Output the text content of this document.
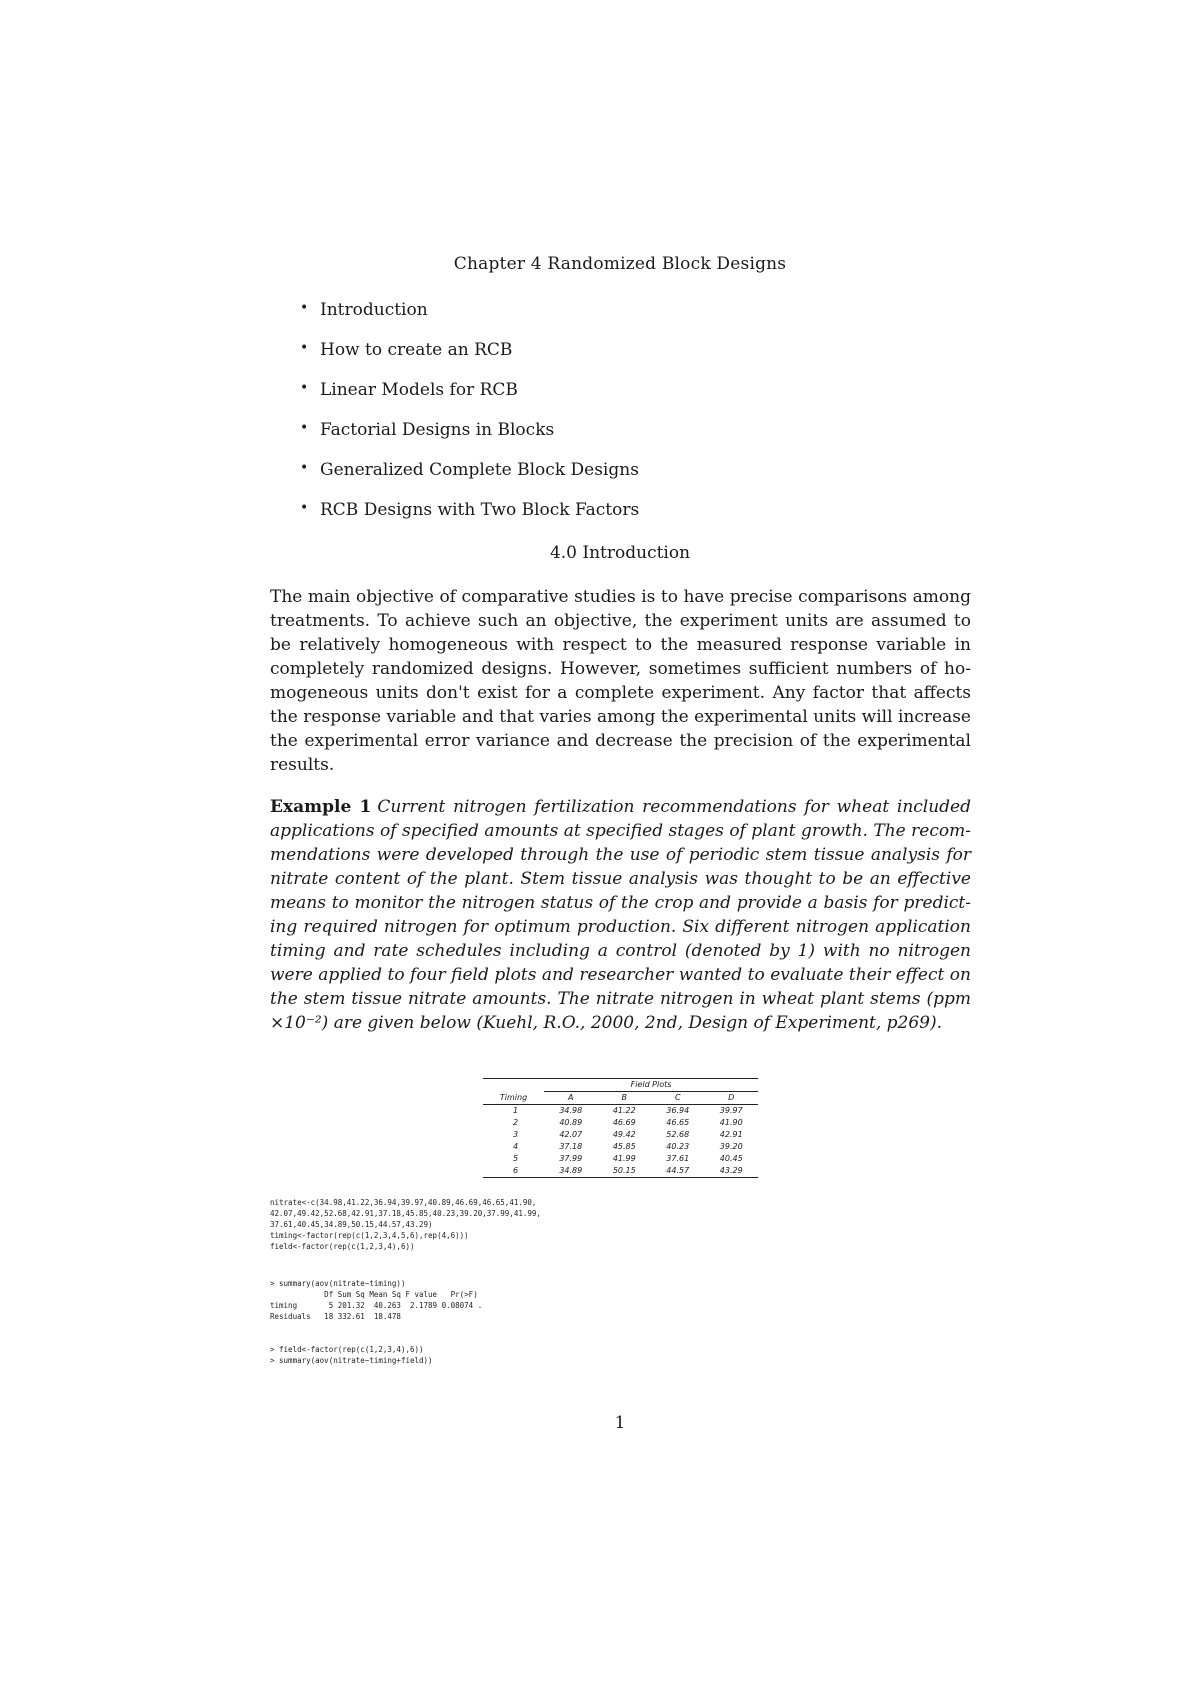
Chapter 4 Randomized Block Designs
• Introduction
• How to create an RCB
• Linear Models for RCB
• Factorial Designs in Blocks
• Generalized Complete Block Designs
• RCB Designs with Two Block Factors
4.0 Introduction

The main objective of comparative studies is to have precise comparisons among treatments. To achieve such an objective, the experiment units are assumed to be relatively homogeneous with respect to the measured response variable in completely randomized designs. However, sometimes sufficient numbers of homogeneous units don't exist for a complete experiment. Any factor that affects the response variable and that varies among the experimental units will increase the experimental error variance and decrease the precision of the experimental results.

Example 1 Current nitrogen fertilization recommendations for wheat included applications of specified amounts at specified stages of plant growth. The recommendations were developed through the use of periodic stem tissue analysis for nitrate content of the plant. Stem tissue analysis was thought to be an effective means to monitor the nitrogen status of the crop and provide a basis for predicting required nitrogen for optimum production. Six different nitrogen application timing and rate schedules including a control (denoted by 1) with no nitrogen were applied to four field plots and researcher wanted to evaluate their effect on the stem tissue nitrate amounts. The nitrate nitrogen in wheat plant stems (ppm ×10⁻²) are given below (Kuehl, R.O., 2000, 2nd, Design of Experiment, p269).

	Field Plots			
Timing	A	B	C	D
1	34.98	41.22	36.94	39.97
2	40.89	46.69	46.65	41.90
3	42.07	49.42	52.68	42.91
4	37.18	45.85	40.23	39.20
5	37.99	41.99	37.61	40.45
6	34.89	50.15	44.57	43.29
nitrate<-c(34.98,41.22,36.94,39.97,40.89,46.69,46.65,41.90,
42.07,49.42,52.68,42.91,37.18,45.85,40.23,39.20,37.99,41.99,
37.61,40.45,34.89,50.15,44.57,43.29)
timing<-factor(rep(c(1,2,3,4,5,6),rep(4,6)))
field<-factor(rep(c(1,2,3,4),6))
> summary(aov(nitrate~timing))
Df Sum Sq Mean Sq F value   Pr(>F)
timing       5 201.32  40.263  2.1789 0.08074 .
Residuals   18 332.61  18.478
> field<-factor(rep(c(1,2,3,4),6))
> summary(aov(nitrate~timing+field))
1
